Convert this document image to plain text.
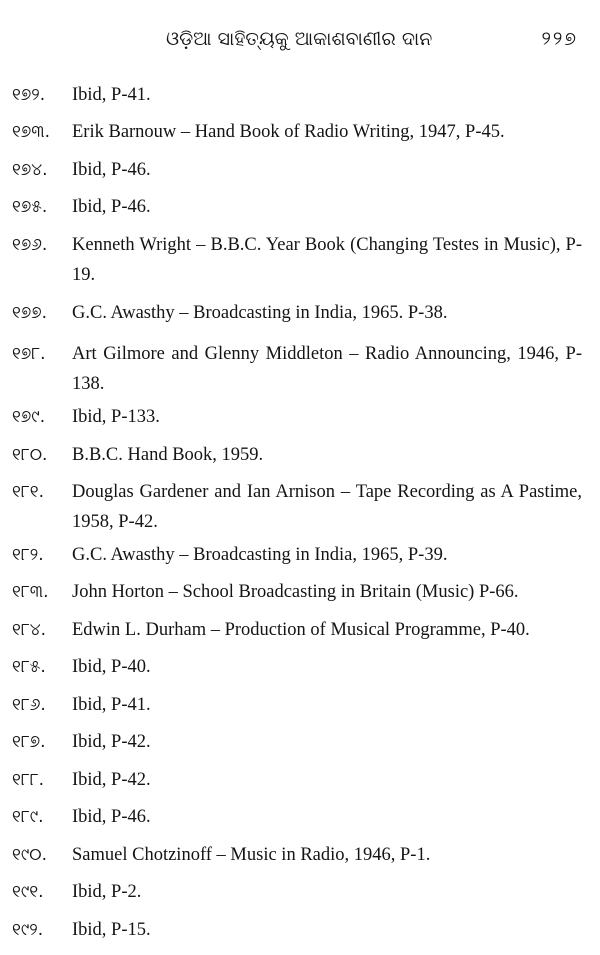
ଓଡ଼ିଆ ସାହିତ୍ୟକୁ ଆକାଶବାଣୀର ଦାନ	୨୨୭
୧୭୨.	Ibid, P-41.
୧୭୩.	Erik Barnouw – Hand Book of Radio Writing, 1947, P-45.
୧୭୪.	Ibid, P-46.
୧୭୫.	Ibid, P-46.
୧୭୬.	Kenneth Wright – B.B.C. Year Book (Changing Testes in Music), P-19.
୧୭୭.	G.C. Awasthy – Broadcasting in India, 1965. P-38.
୧୭୮.	Art Gilmore and Glenny Middleton – Radio Announcing, 1946, P-138.
୧୭୯.	Ibid, P-133.
୧୮୦.	B.B.C. Hand Book, 1959.
୧୮୧.	Douglas Gardener and Ian Arnison – Tape Recording as A Pastime, 1958, P-42.
୧୮୨.	G.C. Awasthy – Broadcasting in India, 1965, P-39.
୧୮୩.	John Horton – School Broadcasting in Britain (Music) P-66.
୧୮୪.	Edwin L. Durham – Production of Musical Programme, P-40.
୧୮୫.	Ibid, P-40.
୧୮୬.	Ibid, P-41.
୧୮୭.	Ibid, P-42.
୧୮୮.	Ibid, P-42.
୧୮୯.	Ibid, P-46.
୧୯୦.	Samuel Chotzinoff – Music in Radio, 1946, P-1.
୧୯୧.	Ibid, P-2.
୧୯୨.	Ibid, P-15.
